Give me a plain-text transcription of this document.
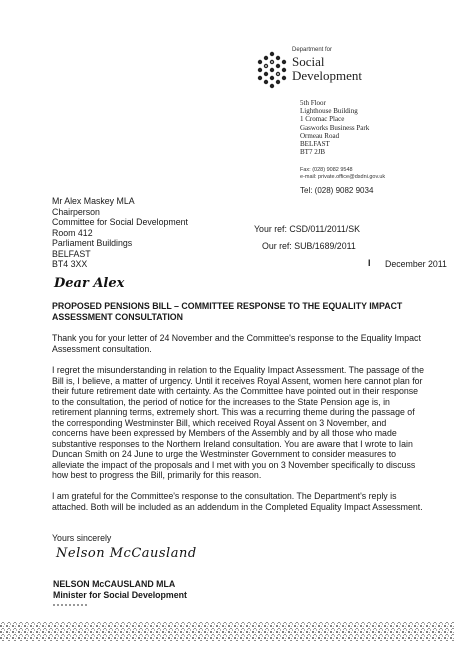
Department for
Social
Development
5th Floor
Lighthouse Building
1 Cromac Place
Gasworks Business Park
Ormeau Road
BELFAST
BT7 2JB
Fax: (028) 9082 9548
e-mail: private.office@dsdni.gov.uk
Tel: (028) 9082 9034
Mr Alex Maskey MLA
Chairperson
Committee for Social Development
Room 412
Parliament Buildings
BELFAST
BT4 3XX
Your ref: CSD/011/2011/SK
Our ref: SUB/1689/2011
I December 2011
Dear Alex
PROPOSED PENSIONS BILL – COMMITTEE RESPONSE TO THE EQUALITY IMPACT ASSESSMENT CONSULTATION
Thank you for your letter of 24 November and the Committee's response to the Equality Impact Assessment consultation.
I regret the misunderstanding in relation to the Equality Impact Assessment. The passage of the Bill is, I believe, a matter of urgency. Until it receives Royal Assent, women here cannot plan for their future retirement date with certainty. As the Committee have pointed out in their response to the consultation, the period of notice for the increases to the State Pension age is, in retirement planning terms, extremely short. This was a recurring theme during the passage of the corresponding Westminster Bill, which received Royal Assent on 3 November, and concerns have been expressed by Members of the Assembly and by all those who made substantive responses to the Northern Ireland consultation. You are aware that I wrote to Iain Duncan Smith on 24 June to urge the Westminster Government to consider measures to alleviate the impact of the proposals and I met with you on 3 November specifically to discuss how best to progress the Bill, primarily for this reason.
I am grateful for the Committee's response to the consultation. The Department's reply is attached. Both will be included as an addendum in the Completed Equality Impact Assessment.
Yours sincerely
Nelson McCausland
NELSON McCAUSLAND MLA
Minister for Social Development
